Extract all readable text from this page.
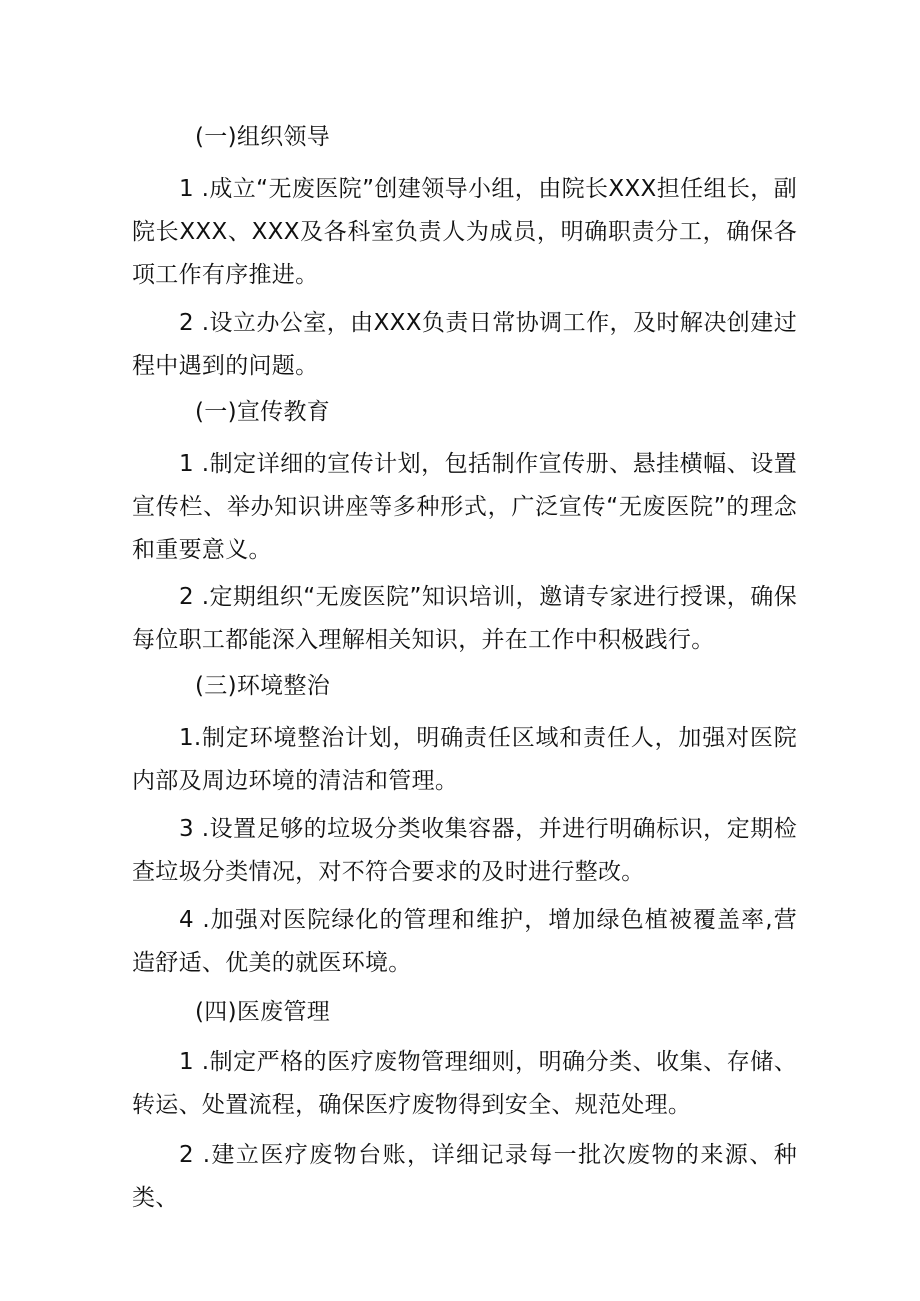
(一)组织领导
1 .成立“无废医院”创建领导小组，由院长XXX担任组长，副院长XXX、XXX及各科室负责人为成员，明确职责分工，确保各项工作有序推进。
2 .设立办公室，由XXX负责日常协调工作，及时解决创建过程中遇到的问题。
(一)宣传教育
1 .制定详细的宣传计划，包括制作宣传册、悬挂横幅、设置宣传栏、举办知识讲座等多种形式，广泛宣传“无废医院”的理念和重要意义。
2 .定期组织“无废医院”知识培训，邀请专家进行授课，确保每位职工都能深入理解相关知识，并在工作中积极践行。
(三)环境整治
1.制定环境整治计划，明确责任区域和责任人，加强对医院内部及周边环境的清洁和管理。
3 .设置足够的垃圾分类收集容器，并进行明确标识，定期检查垃圾分类情况，对不符合要求的及时进行整改。
4 .加强对医院绿化的管理和维护，增加绿色植被覆盖率,营造舒适、优美的就医环境。
(四)医废管理
1 .制定严格的医疗废物管理细则，明确分类、收集、存储、转运、处置流程，确保医疗废物得到安全、规范处理。
2 .建立医疗废物台账，详细记录每一批次废物的来源、种类、
